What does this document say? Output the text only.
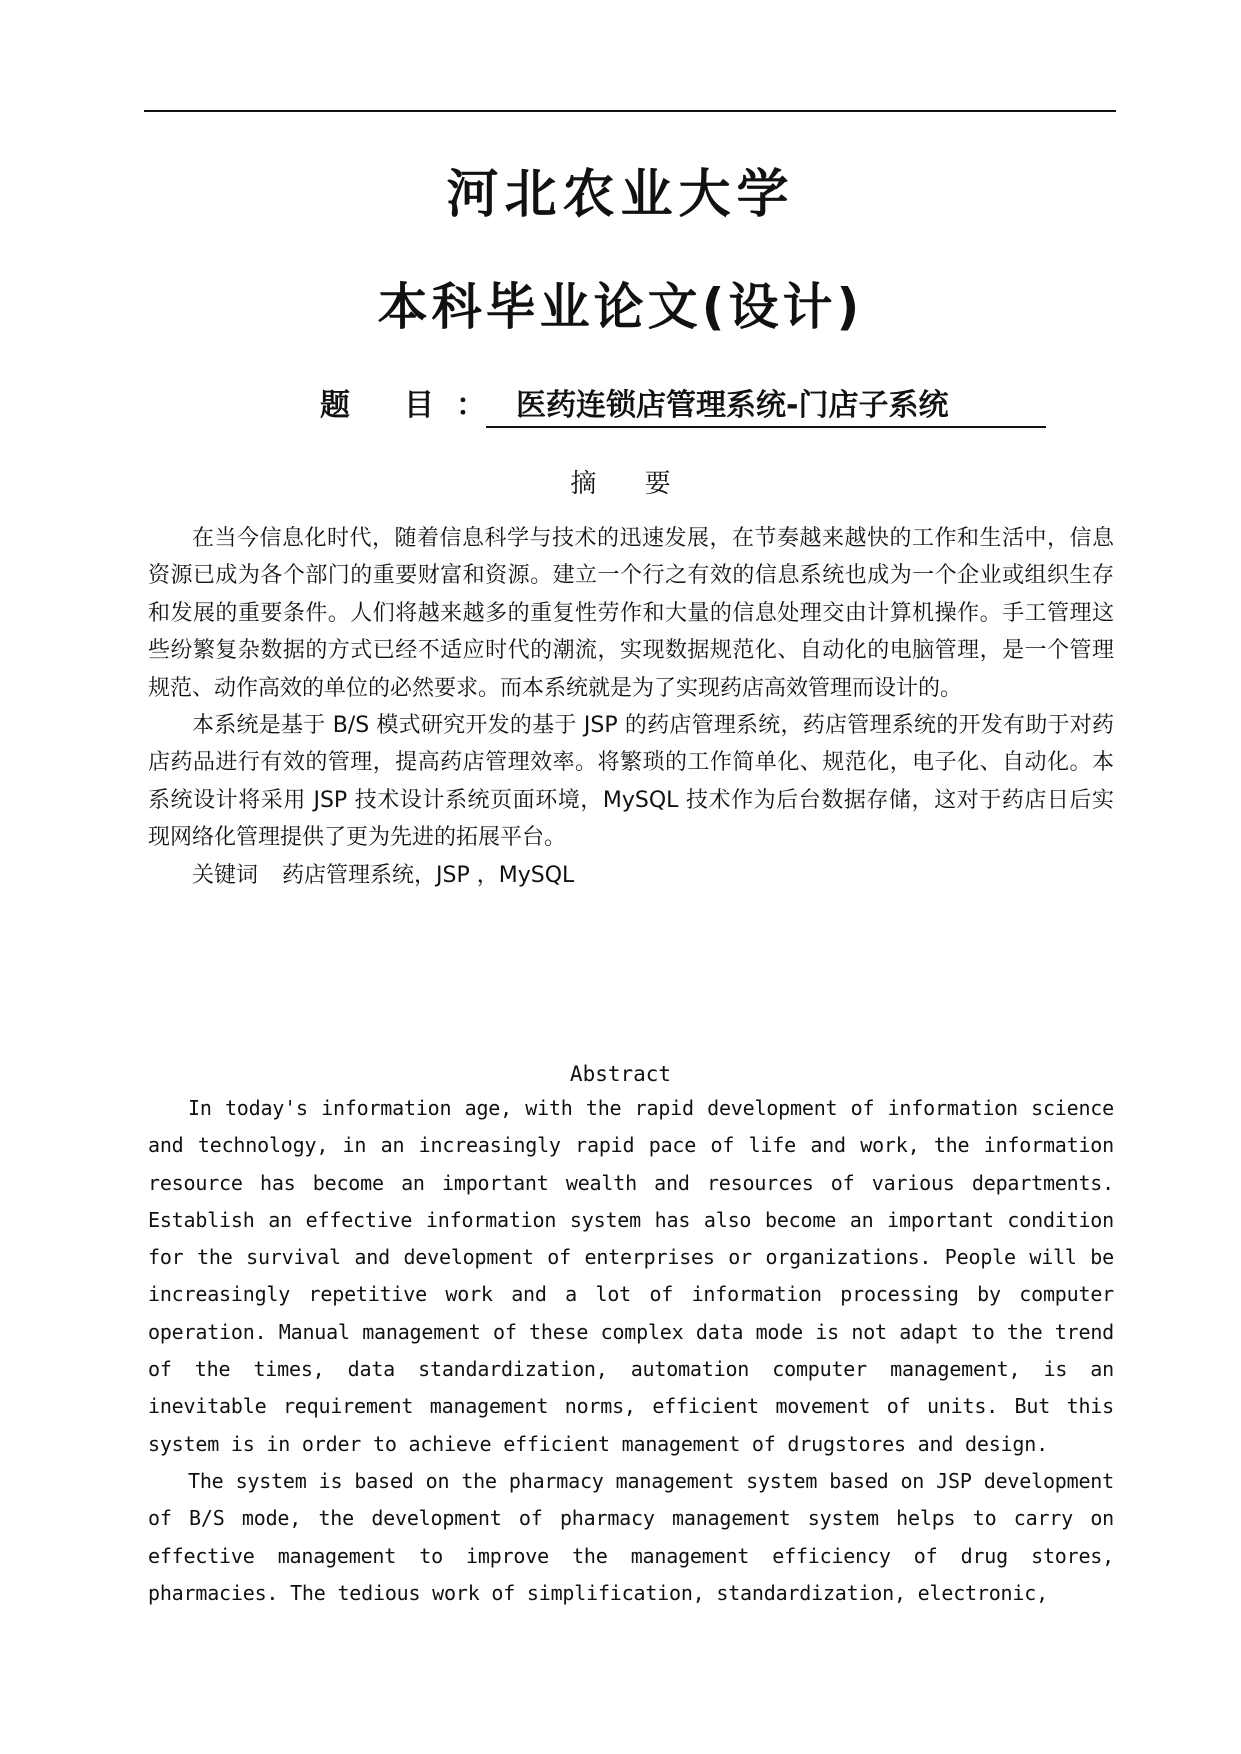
河北农业大学
本科毕业论文(设计)
题 目 ： 医药连锁店管理系统-门店子系统
摘 要

在当今信息化时代，随着信息科学与技术的迅速发展，在节奏越来越快的工作和生活中，信息资源已成为各个部门的重要财富和资源。建立一个行之有效的信息系统也成为一个企业或组织生存和发展的重要条件。人们将越来越多的重复性劳作和大量的信息处理交由计算机操作。手工管理这些纷繁复杂数据的方式已经不适应时代的潮流，实现数据规范化、自动化的电脑管理，是一个管理规范、动作高效的单位的必然要求。而本系统就是为了实现药店高效管理而设计的。

本系统是基于 B/S 模式研究开发的基于 JSP 的药店管理系统，药店管理系统的开发有助于对药店药品进行有效的管理，提高药店管理效率。将繁琐的工作简单化、规范化，电子化、自动化。本系统设计将采用 JSP 技术设计系统页面环境，MySQL 技术作为后台数据存储，这对于药店日后实现网络化管理提供了更为先进的拓展平台。

关键词 药店管理系统，JSP ，MySQL

Abstract

In today's information age, with the rapid development of information science and technology, in an increasingly rapid pace of life and work, the information resource has become an important wealth and resources of various departments. Establish an effective information system has also become an important condition for the survival and development of enterprises or organizations. People will be increasingly repetitive work and a lot of information processing by computer operation. Manual management of these complex data mode is not adapt to the trend of the times, data standardization, automation computer management, is an inevitable requirement management norms, efficient movement of units. But this system is in order to achieve efficient management of drugstores and design.

The system is based on the pharmacy management system based on JSP development of B/S mode, the development of pharmacy management system helps to carry on effective management to improve the management efficiency of drug stores, pharmacies. The tedious work of simplification, standardization, electronic,
